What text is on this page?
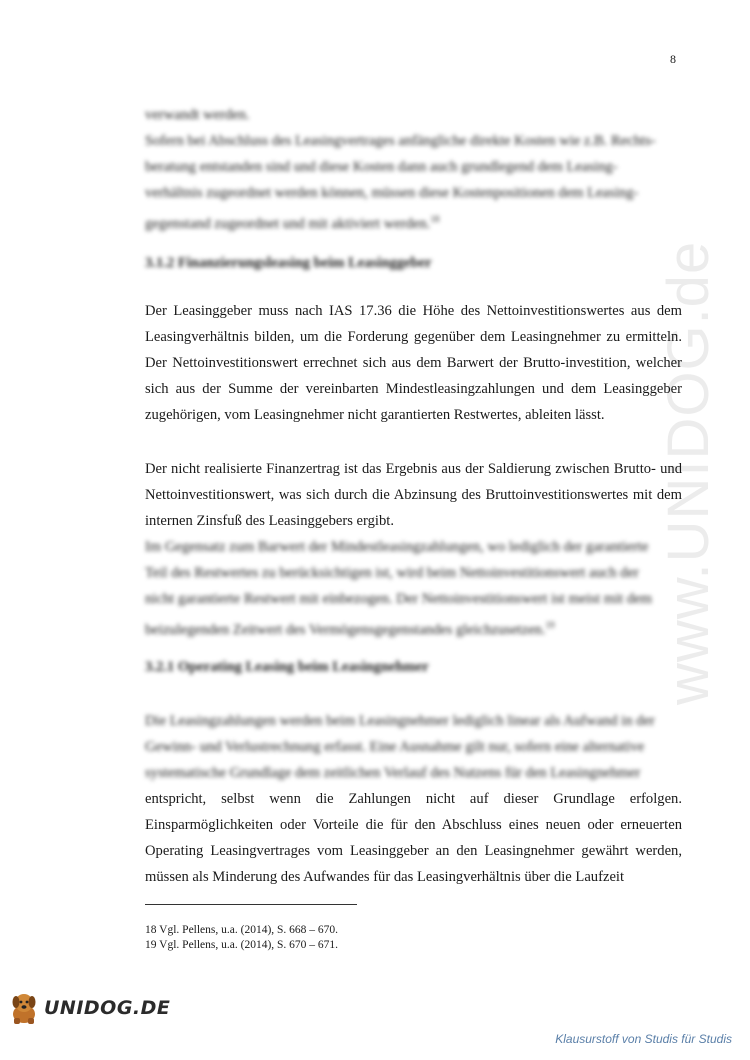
8
www.UNIDOG.de
verwandt werden.
Sofern bei Abschluss des Leasingvertrages anfängliche direkte Kosten wie z.B. Rechts-
beratung entstanden sind und diese Kosten dann auch grundlegend dem Leasing-
verhältnis zugeordnet werden können, müssen diese Kostenpositionen dem Leasing-
gegenstand zugeordnet und mit aktiviert werden.$^{18}$
3.1.2 Finanzierungsleasing beim Leasinggeber
Der Leasinggeber muss nach IAS 17.36 die Höhe des Nettoinvestitionswertes aus dem Leasingverhältnis bilden, um die Forderung gegenüber dem Leasingnehmer zu ermitteln. Der Nettoinvestitionswert errechnet sich aus dem Barwert der Brutto-investition, welcher sich aus der Summe der vereinbarten Mindestleasingzahlungen und dem Leasinggeber zugehörigen, vom Leasingnehmer nicht garantierten Restwertes, ableiten lässt.
Der nicht realisierte Finanzertrag ist das Ergebnis aus der Saldierung zwischen Brutto- und Nettoinvestitionswert, was sich durch die Abzinsung des Bruttoinvestitionswertes mit dem internen Zinsfuß des Leasinggebers ergibt.
Im Gegensatz zum Barwert der Mindestleasingzahlungen, wo lediglich der garantierte
Teil des Restwertes zu berücksichtigen ist, wird beim Nettoinvestitionswert auch der
nicht garantierte Restwert mit einbezogen. Der Nettoinvestitionswert ist meist mit dem
beizulegenden Zeitwert des Vermögensgegenstandes gleichzusetzen.$^{19}$
3.2.1 Operating Leasing beim Leasingnehmer
Die Leasingzahlungen werden beim Leasingnehmer lediglich linear als Aufwand in der
Gewinn- und Verlustrechnung erfasst. Eine Ausnahme gilt nur, sofern eine alternative
systematische Grundlage dem zeitlichen Verlauf des Nutzens für den Leasingnehmer
entspricht, selbst wenn die Zahlungen nicht auf dieser Grundlage erfolgen. Einsparmöglichkeiten oder Vorteile die für den Abschluss eines neuen oder erneuerten Operating Leasingvertrages vom Leasinggeber an den Leasingnehmer gewährt werden, müssen als Minderung des Aufwandes für das Leasingverhältnis über die Laufzeit
18 Vgl. Pellens, u.a. (2014), S. 668 – 670.
19 Vgl. Pellens, u.a. (2014), S. 670 – 671.
UNIDOG.DE
Klausurstoff von Studis für Studis
